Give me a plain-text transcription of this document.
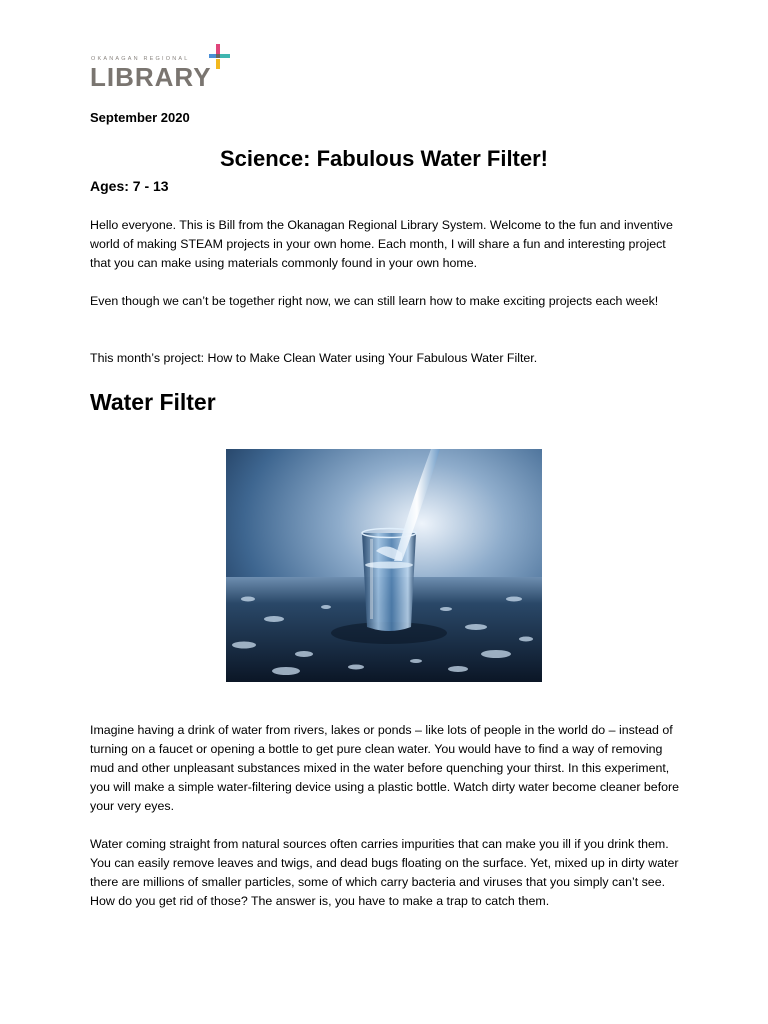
OKANAGAN REGIONAL
LIBRARY
September 2020
Science: Fabulous Water Filter!
Ages: 7 - 13

Hello everyone. This is Bill from the Okanagan Regional Library System. Welcome to the fun and inventive world of making STEAM projects in your own home. Each month, I will share a fun and interesting project that you can make using materials commonly found in your own home.

Even though we can’t be together right now, we can still learn how to make exciting projects each week!

This month’s project: How to Make Clean Water using Your Fabulous Water Filter.

Water Filter

Imagine having a drink of water from rivers, lakes or ponds – like lots of people in the world do – instead of turning on a faucet or opening a bottle to get pure clean water. You would have to find a way of removing mud and other unpleasant substances mixed in the water before quenching your thirst. In this experiment, you will make a simple water-filtering device using a plastic bottle. Watch dirty water become cleaner before your very eyes.

Water coming straight from natural sources often carries impurities that can make you ill if you drink them. You can easily remove leaves and twigs, and dead bugs floating on the surface. Yet, mixed up in dirty water there are millions of smaller particles, some of which carry bacteria and viruses that you simply can’t see. How do you get rid of those? The answer is, you have to make a trap to catch them.
